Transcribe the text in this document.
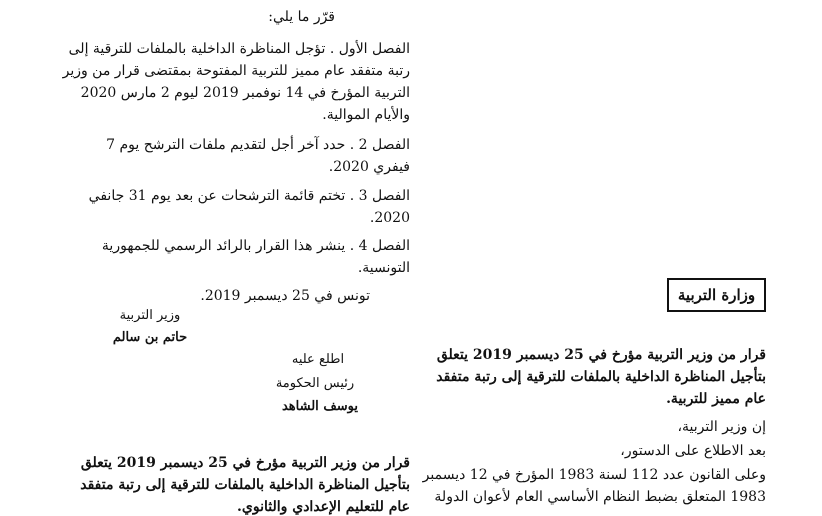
قرّر ما يلي:
الفصل الأول . تؤجل المناظرة الداخلية بالملفات للترقية إلى
رتبة متفقد عام مميز للتربية المفتوحة بمقتضى قرار من وزير
التربية المؤرخ في 14 نوفمبر 2019 ليوم 2 مارس 2020
والأيام الموالية.
الفصل 2 . حدد آخر أجل لتقديم ملفات الترشح يوم 7
فيفري 2020.
الفصل 3 . تختم قائمة الترشحات عن بعد يوم 31 جانفي
2020.
الفصل 4 . ينشر هذا القرار بالرائد الرسمي للجمهورية
التونسية.
تونس في 25 ديسمبر 2019.
وزير التربية
حاتم بن سالم
اطلع عليه
رئيس الحكومة
يوسف الشاهد
قرار من وزير التربية مؤرخ في 25 ديسمبر 2019 يتعلق
بتأجيل المناظرة الداخلية بالملفات للترقية إلى رتبة متفقد
عام للتعليم الإعدادي والثانوي.
وزارة التربية
قرار من وزير التربية مؤرخ في 25 ديسمبر 2019 يتعلق
بتأجيل المناظرة الداخلية بالملفات للترقية إلى رتبة متفقد
عام مميز للتربية.
إن وزير التربية،
بعد الاطلاع على الدستور،
وعلى القانون عدد 112 لسنة 1983 المؤرخ في 12 ديسمبر
1983 المتعلق بضبط النظام الأساسي العام لأعوان الدولة
